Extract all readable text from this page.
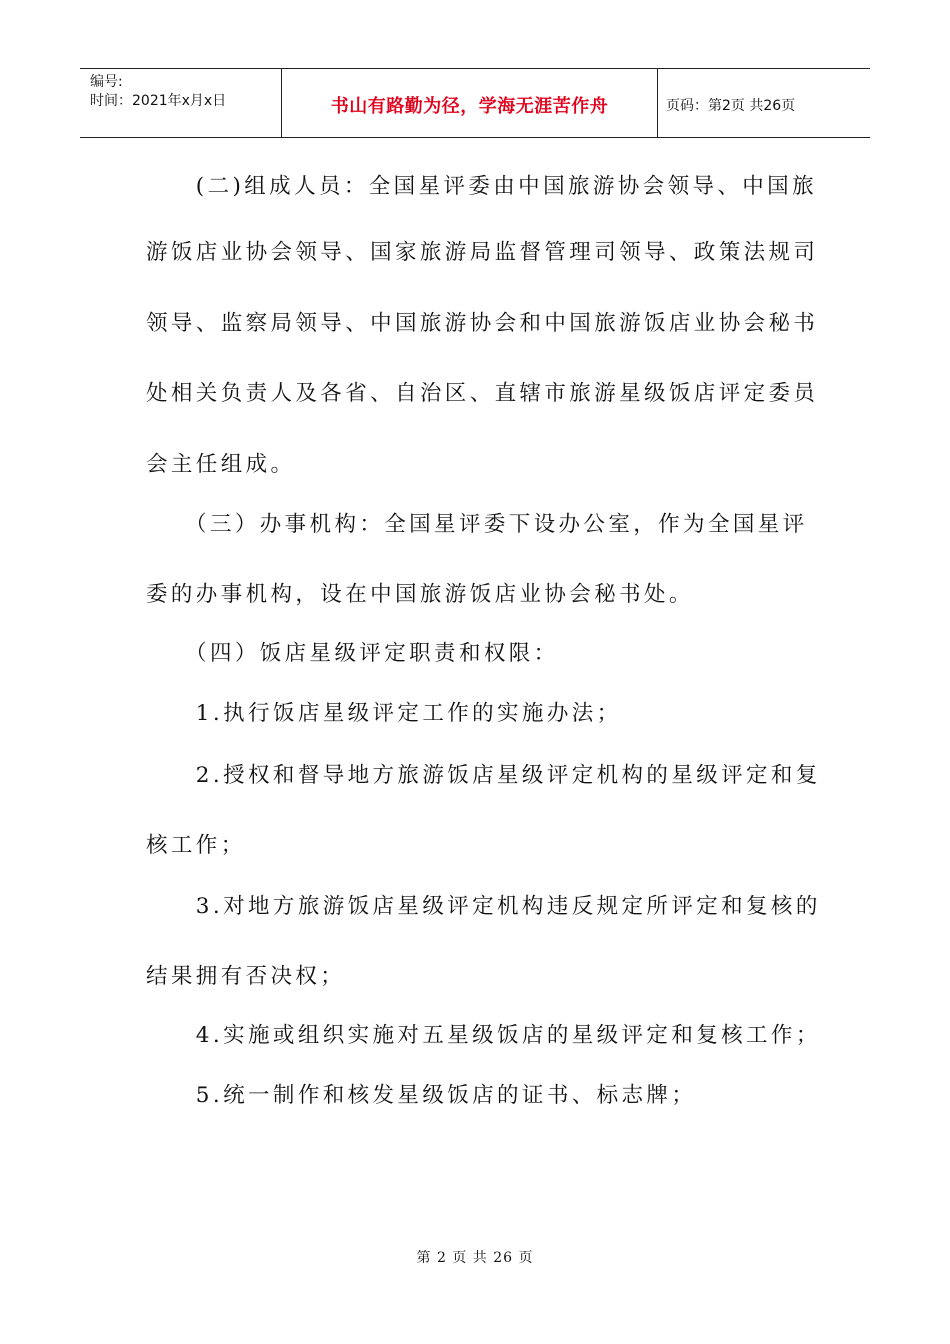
编号:
时间：2021年x月x日	书山有路勤为径，学海无涯苦作舟	页码：第2页 共26页
　　(二)组成人员：全国星评委由中国旅游协会领导、中国旅
游饭店业协会领导、国家旅游局监督管理司领导、政策法规司
领导、监察局领导、中国旅游协会和中国旅游饭店业协会秘书
处相关负责人及各省、自治区、直辖市旅游星级饭店评定委员
会主任组成。
　　（三）办事机构：全国星评委下设办公室，作为全国星评
委的办事机构，设在中国旅游饭店业协会秘书处。
　　（四）饭店星级评定职责和权限：
　　1.执行饭店星级评定工作的实施办法；
　　2.授权和督导地方旅游饭店星级评定机构的星级评定和复
核工作；
　　3.对地方旅游饭店星级评定机构违反规定所评定和复核的
结果拥有否决权；
　　4.实施或组织实施对五星级饭店的星级评定和复核工作；
　　5.统一制作和核发星级饭店的证书、标志牌；
第 2 页 共 26 页
